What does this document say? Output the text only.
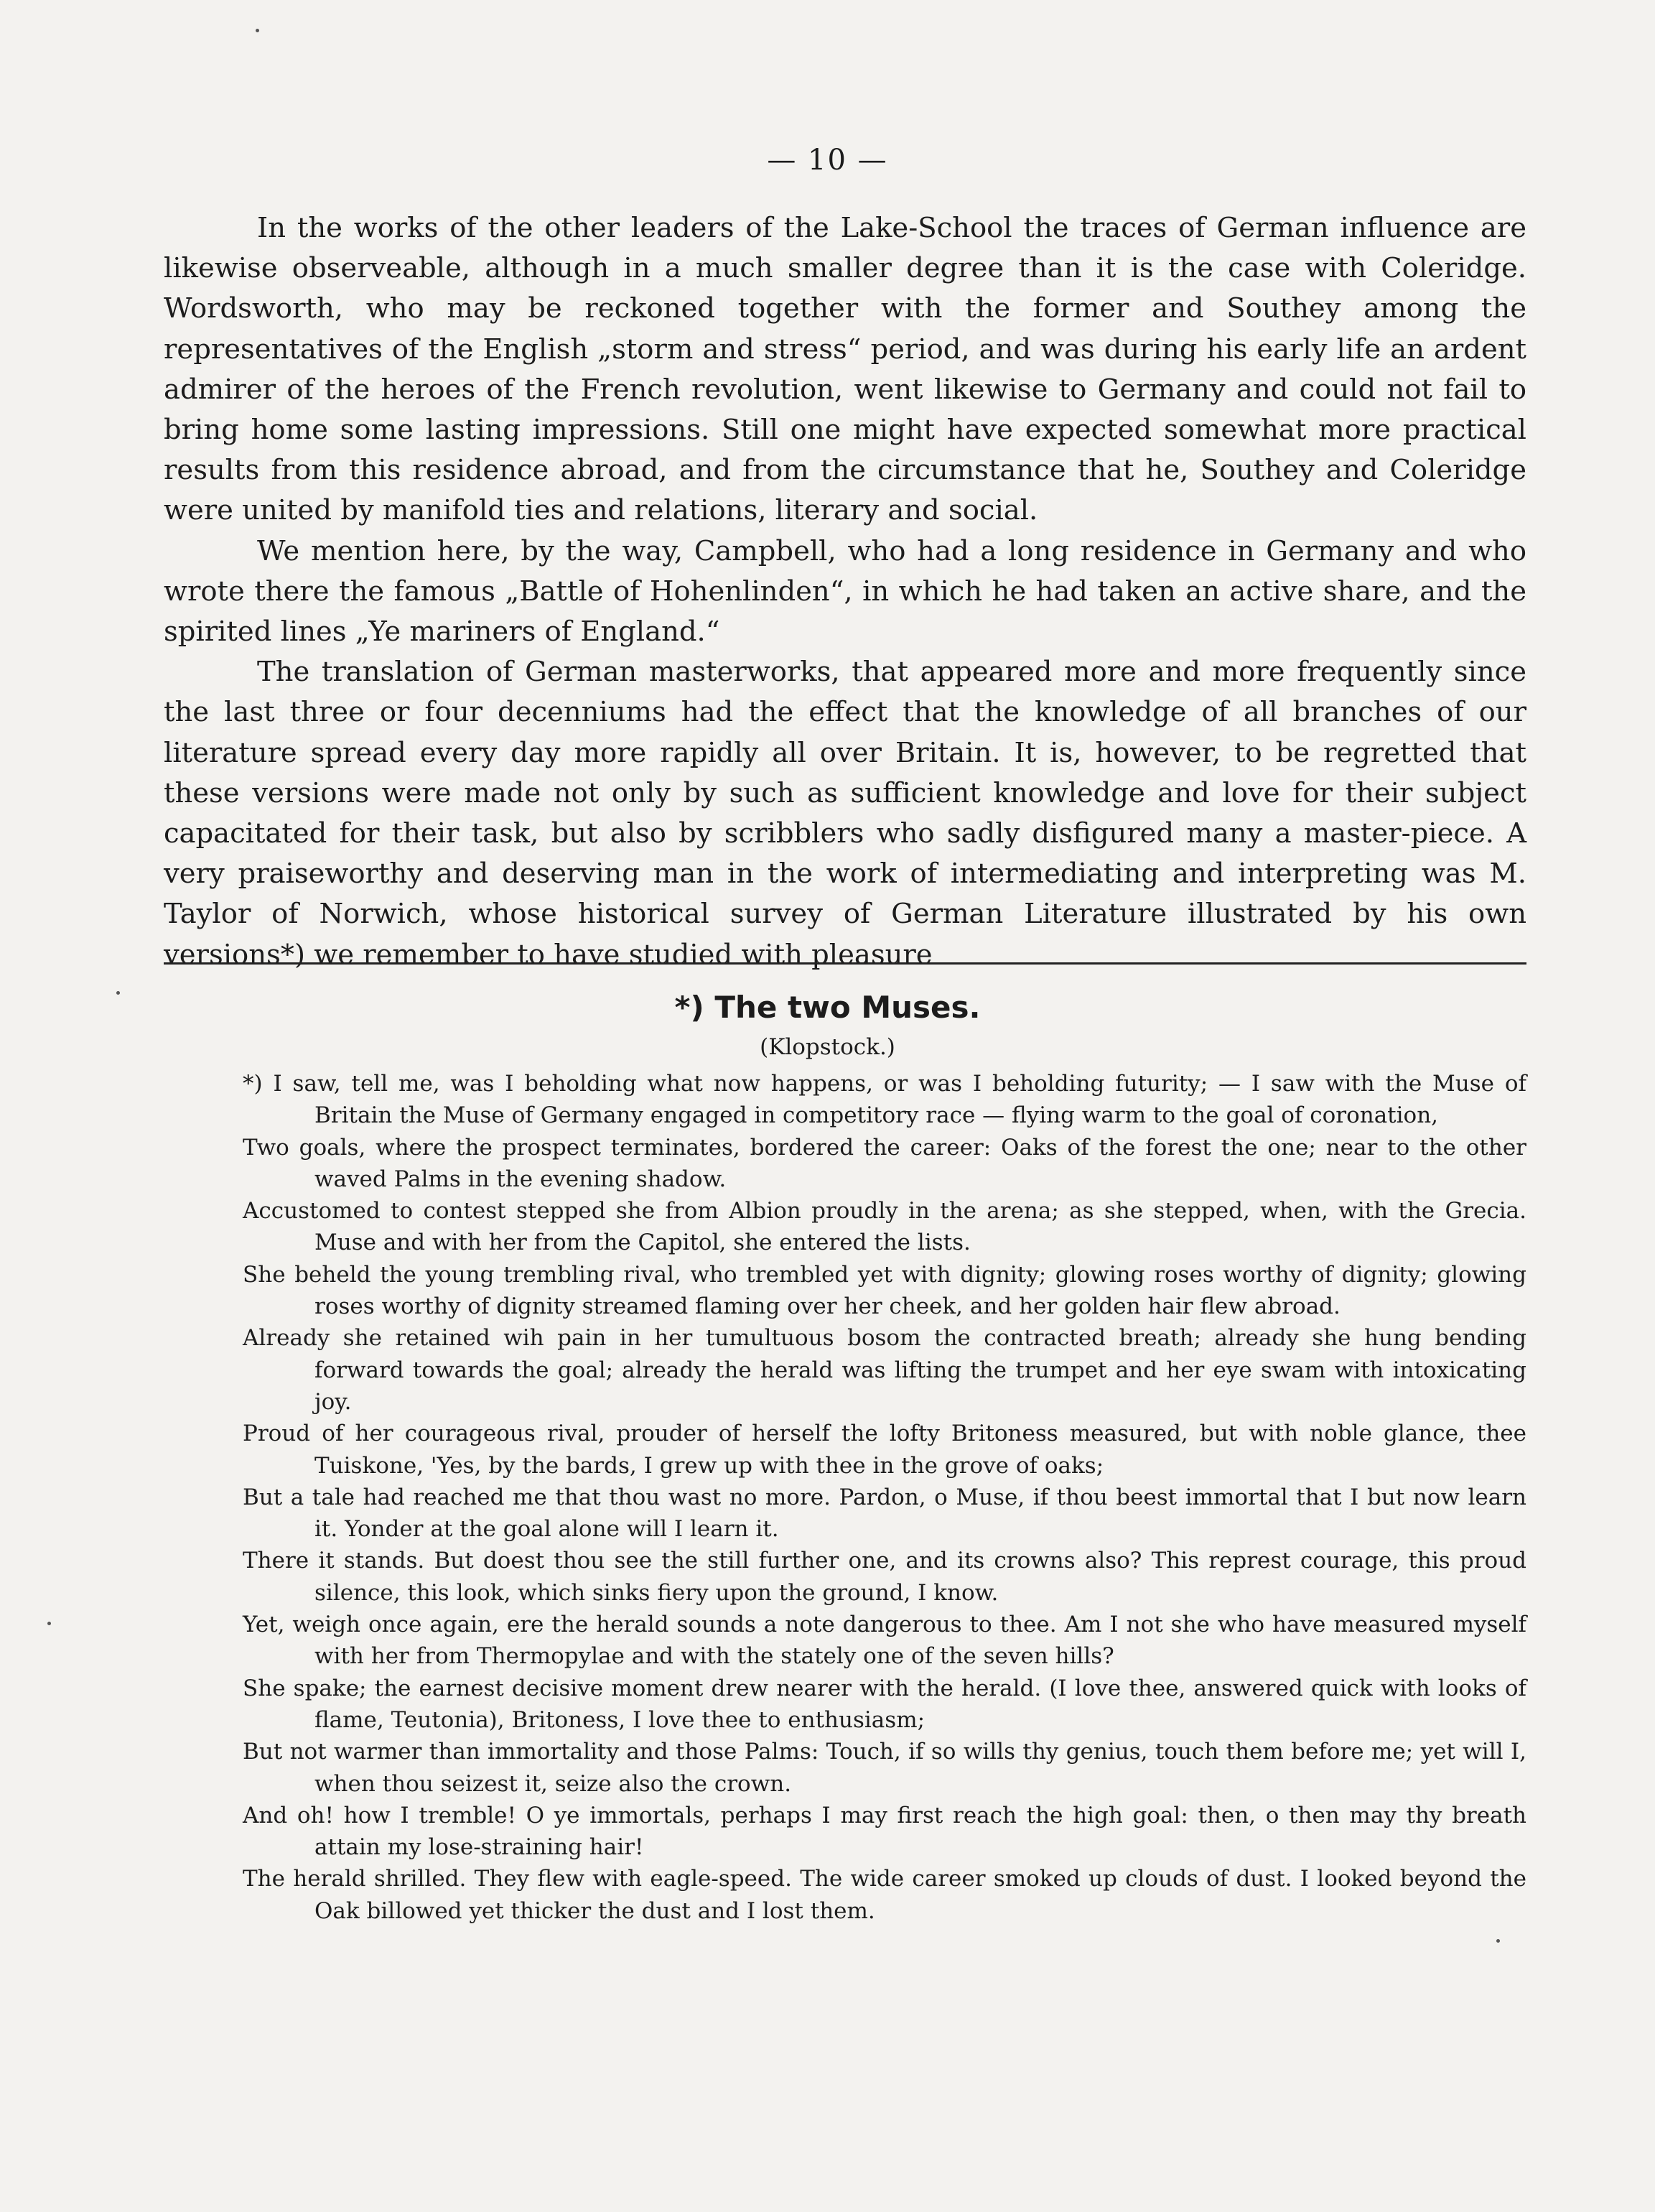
— 10 —

In the works of the other leaders of the Lake-School the traces of German influence are likewise observeable, although in a much smaller degree than it is the case with Coleridge. Wordsworth, who may be reckoned together with the former and Southey among the representatives of the English „storm and stress“ period, and was during his early life an ardent admirer of the heroes of the French revolution, went likewise to Germany and could not fail to bring home some lasting impressions. Still one might have expected somewhat more practical results from this residence abroad, and from the circumstance that he, Southey and Coleridge were united by manifold ties and relations, literary and social.

We mention here, by the way, Campbell, who had a long residence in Germany and who wrote there the famous „Battle of Hohenlinden“, in which he had taken an active share, and the spirited lines „Ye mariners of England.“

The translation of German masterworks, that appeared more and more frequently since the last three or four decenniums had the effect that the knowledge of all branches of our literature spread every day more rapidly all over Britain. It is, however, to be regretted that these versions were made not only by such as sufficient knowledge and love for their subject capacitated for their task, but also by scribblers who sadly disfigured many a master-piece. A very praiseworthy and deserving man in the work of intermediating and interpreting was M. Taylor of Norwich, whose historical survey of German Literature illustrated by his own versions*) we remember to have studied with pleasure

*) The two Muses.
(Klopstock.)

*) I saw, tell me, was I beholding what now happens, or was I beholding futurity; — I saw with the Muse of Britain the Muse of Germany engaged in competitory race — flying warm to the goal of coronation,

Two goals, where the prospect terminates, bordered the career: Oaks of the forest the one; near to the other waved Palms in the evening shadow.

Accustomed to contest stepped she from Albion proudly in the arena; as she stepped, when, with the Grecia. Muse and with her from the Capitol, she entered the lists.

She beheld the young trembling rival, who trembled yet with dignity; glowing roses worthy of dignity; glowing roses worthy of dignity streamed flaming over her cheek, and her golden hair flew abroad.

Already she retained wih pain in her tumultuous bosom the contracted breath; already she hung bending forward towards the goal; already the herald was lifting the trumpet and her eye swam with intoxicating joy.

Proud of her courageous rival, prouder of herself the lofty Britoness measured, but with noble glance, thee Tuiskone, 'Yes, by the bards, I grew up with thee in the grove of oaks;

But a tale had reached me that thou wast no more. Pardon, o Muse, if thou beest immortal that I but now learn it. Yonder at the goal alone will I learn it.

There it stands. But doest thou see the still further one, and its crowns also? This represt courage, this proud silence, this look, which sinks fiery upon the ground, I know.

Yet, weigh once again, ere the herald sounds a note dangerous to thee. Am I not she who have measured myself with her from Thermopylae and with the stately one of the seven hills?

She spake; the earnest decisive moment drew nearer with the herald. (I love thee, answered quick with looks of flame, Teutonia), Britoness, I love thee to enthusiasm;

But not warmer than immortality and those Palms: Touch, if so wills thy genius, touch them before me; yet will I, when thou seizest it, seize also the crown.

And oh! how I tremble! O ye immortals, perhaps I may first reach the high goal: then, o then may thy breath attain my lose-straining hair!

The herald shrilled. They flew with eagle-speed. The wide career smoked up clouds of dust. I looked beyond the Oak billowed yet thicker the dust and I lost them.
